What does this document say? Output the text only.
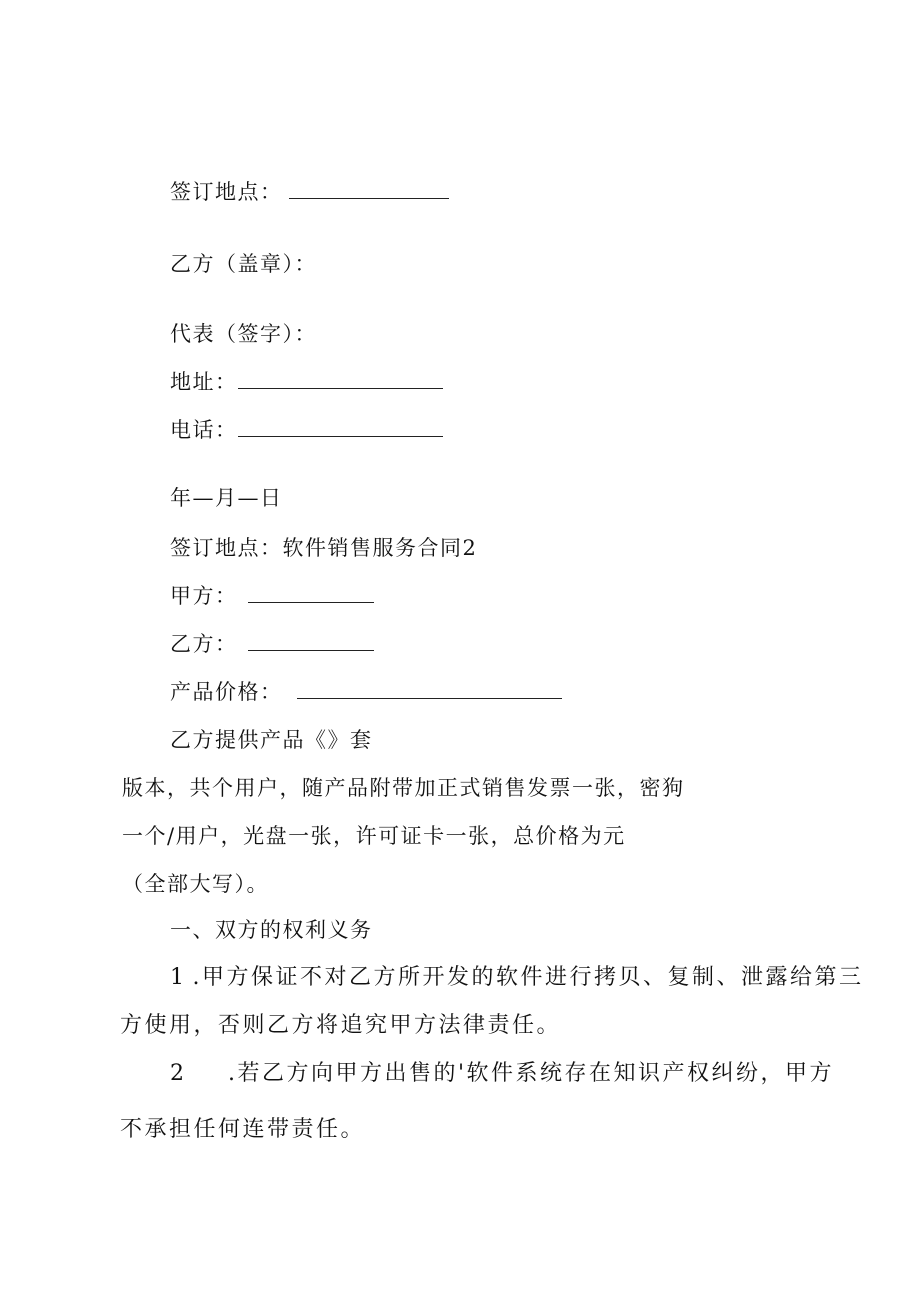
签订地点：
乙方（盖章）：
代表（签字）：
地址：
电话：
年—月—日
签订地点：软件销售服务合同2
甲方：
乙方：
产品价格：
乙方提供产品《》套
版本，共个用户，随产品附带加正式销售发票一张，密狗
一个/用户，光盘一张，许可证卡一张，总价格为元
（全部大写）。
一、双方的权利义务
1 .甲方保证不对乙方所开发的软件进行拷贝、复制、泄露给第三
方使用，否则乙方将追究甲方法律责任。
2 .若乙方向甲方出售的'软件系统存在知识产权纠纷，甲方
不承担任何连带责任。
